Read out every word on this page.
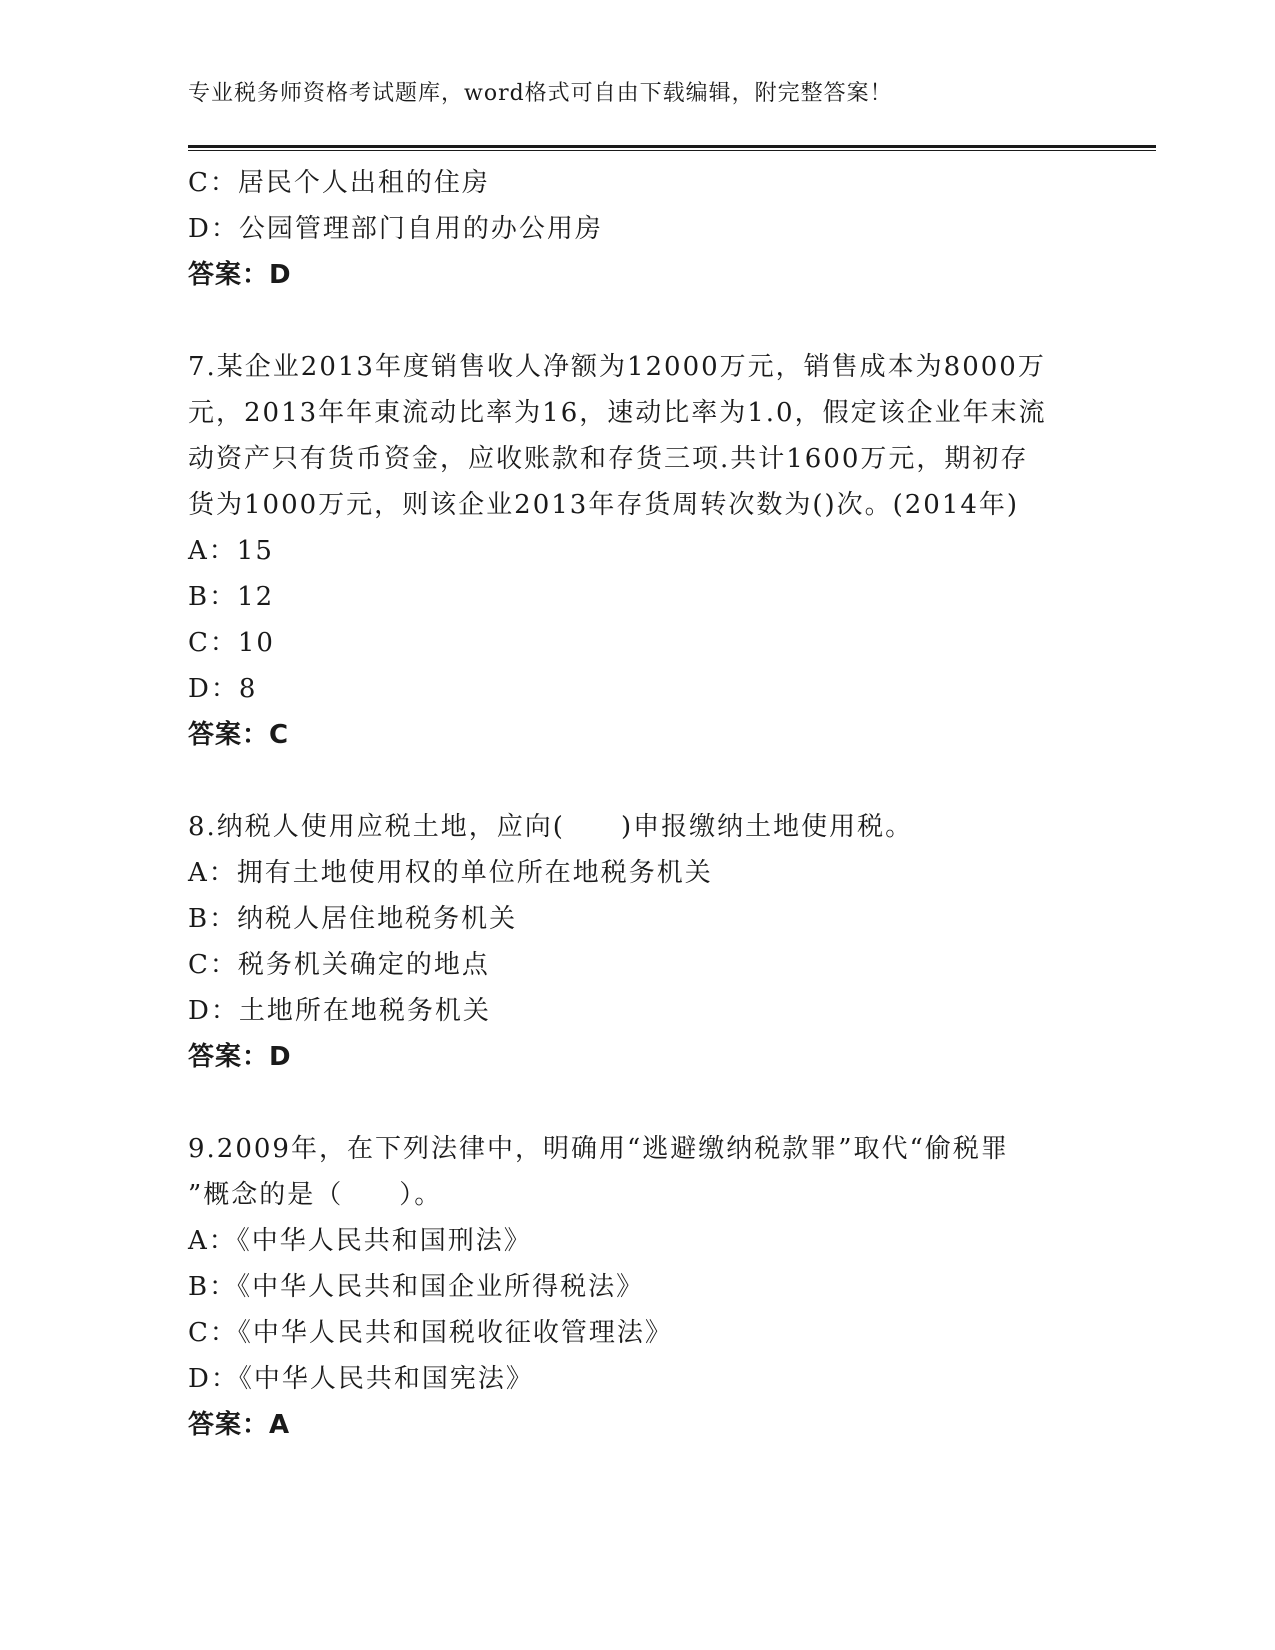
专业税务师资格考试题库，word格式可自由下载编辑，附完整答案！
C：居民个人出租的住房
D：公园管理部门自用的办公用房
答案：D
7.某企业2013年度销售收人净额为12000万元，销售成本为8000万
元，2013年年東流动比率为16，速动比率为1.0，假定该企业年末流
动资产只有货币资金，应收账款和存货三项.共计1600万元，期初存
货为1000万元，则该企业2013年存货周转次数为()次。(2014年)
A：15
B：12
C：10
D：8
答案：C
8.纳税人使用应税土地，应向(　　)申报缴纳土地使用税。
A：拥有土地使用权的单位所在地税务机关
B：纳税人居住地税务机关
C：税务机关确定的地点
D：土地所在地税务机关
答案：D
9.2009年，在下列法律中，明确用“逃避缴纳税款罪”取代“偷税罪
”概念的是（　　）。
A：《中华人民共和国刑法》
B：《中华人民共和国企业所得税法》
C：《中华人民共和国税收征收管理法》
D：《中华人民共和国宪法》
答案：A
